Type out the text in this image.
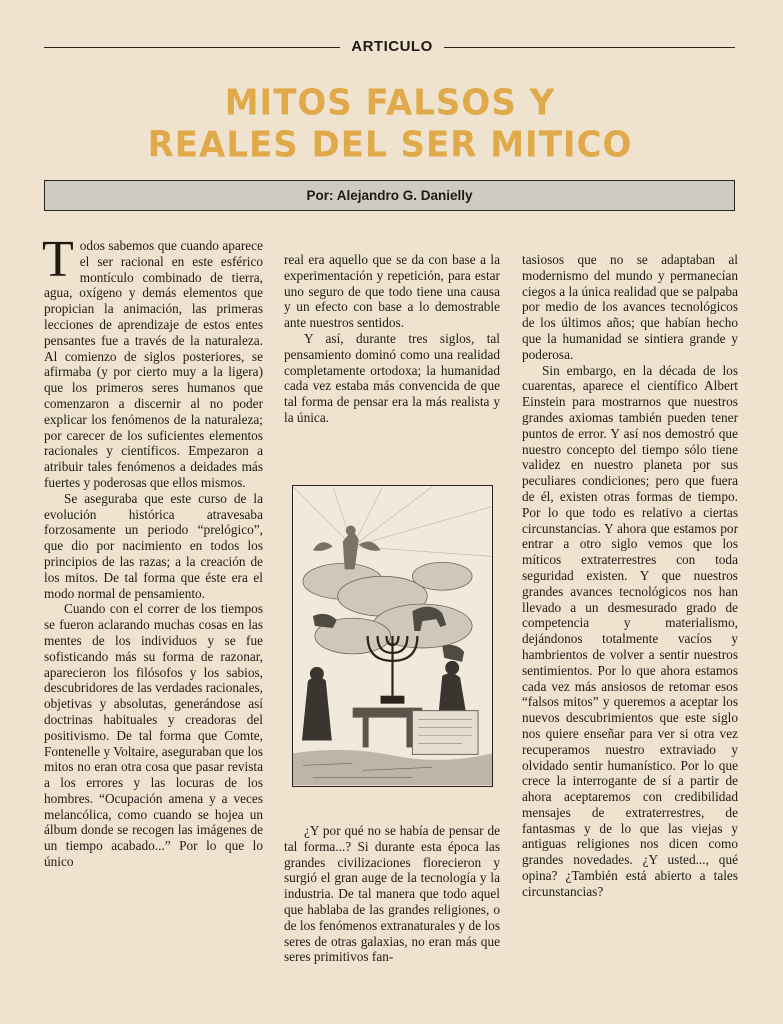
ARTICULO
MITOS FALSOS Y
REALES DEL SER MITICO
Por: Alejandro G. Danielly

Todos sabemos que cuando aparece el ser racional en este esférico montículo combinado de tierra, agua, oxígeno y demás elementos que propician la animación, las primeras lecciones de aprendizaje de estos entes pensantes fue a través de la naturaleza. Al comienzo de siglos posteriores, se afirmaba (y por cierto muy a la ligera) que los primeros seres humanos que comenzaron a discernir al no poder explicar los fenómenos de la naturaleza; por carecer de los suficientes elementos racionales y científicos. Empezaron a atribuir tales fenómenos a deidades más fuertes y poderosas que ellos mismos.

Se aseguraba que este curso de la evolución histórica atravesaba forzosamente un periodo “prelógico”, que dio por nacimiento en todos los principios de las razas; a la creación de los mitos. De tal forma que éste era el modo normal de pensamiento.

Cuando con el correr de los tiempos se fueron aclarando muchas cosas en las mentes de los individuos y se fue sofisticando más su forma de razonar, aparecieron los filósofos y los sabios, descubridores de las verdades racionales, objetivas y absolutas, generándose así doctrinas habituales y creadoras del positivismo. De tal forma que Comte, Fontenelle y Voltaire, aseguraban que los mitos no eran otra cosa que pasar revista a los errores y las locuras de los hombres. “Ocupación amena y a veces melancólica, como cuando se hojea un álbum donde se recogen las imágenes de un tiempo acabado...” Por lo que lo único

real era aquello que se da con base a la experimentación y repetición, para estar uno seguro de que todo tiene una causa y un efecto con base a lo demostrable ante nuestros sentidos.

Y así, durante tres siglos, tal pensamiento dominó como una realidad completamente ortodoxa; la humanidad cada vez estaba más convencida de que tal forma de pensar era la más realista y la única.

¿Y por qué no se había de pensar de tal forma...? Si durante esta época las grandes civilizaciones florecieron y surgió el gran auge de la tecnología y la industria. De tal manera que todo aquel que hablaba de las grandes religiones, o de los fenómenos extranaturales y de los seres de otras galaxias, no eran más que seres primitivos fan-

tasiosos que no se adaptaban al modernismo del mundo y permanecían ciegos a la única realidad que se palpaba por medio de los avances tecnológicos de los últimos años; que habían hecho que la humanidad se sintiera grande y poderosa.

Sin embargo, en la década de los cuarentas, aparece el científico Albert Einstein para mostrarnos que nuestros grandes axiomas también pueden tener puntos de error. Y así nos demostró que nuestro concepto del tiempo sólo tiene validez en nuestro planeta por sus peculiares condiciones; pero que fuera de él, existen otras formas de tiempo. Por lo que todo es relativo a ciertas circunstancias. Y ahora que estamos por entrar a otro siglo vemos que los míticos extraterrestres con toda seguridad existen. Y que nuestros grandes avances tecnológicos nos han llevado a un desmesurado grado de competencia y materialismo, dejándonos totalmente vacíos y hambrientos de volver a sentir nuestros sentimientos. Por lo que ahora estamos cada vez más ansiosos de retomar esos “falsos mitos” y queremos a aceptar los nuevos descubrimientos que este siglo nos quiere enseñar para ver si otra vez recuperamos nuestro extraviado y olvidado sentir humanístico. Por lo que crece la interrogante de sí a partir de ahora aceptaremos con credibilidad mensajes de extraterrestres, de fantasmas y de lo que las viejas y antiguas religiones nos dicen como grandes novedades. ¿Y usted..., qué opina? ¿También está abierto a tales circunstancias?
